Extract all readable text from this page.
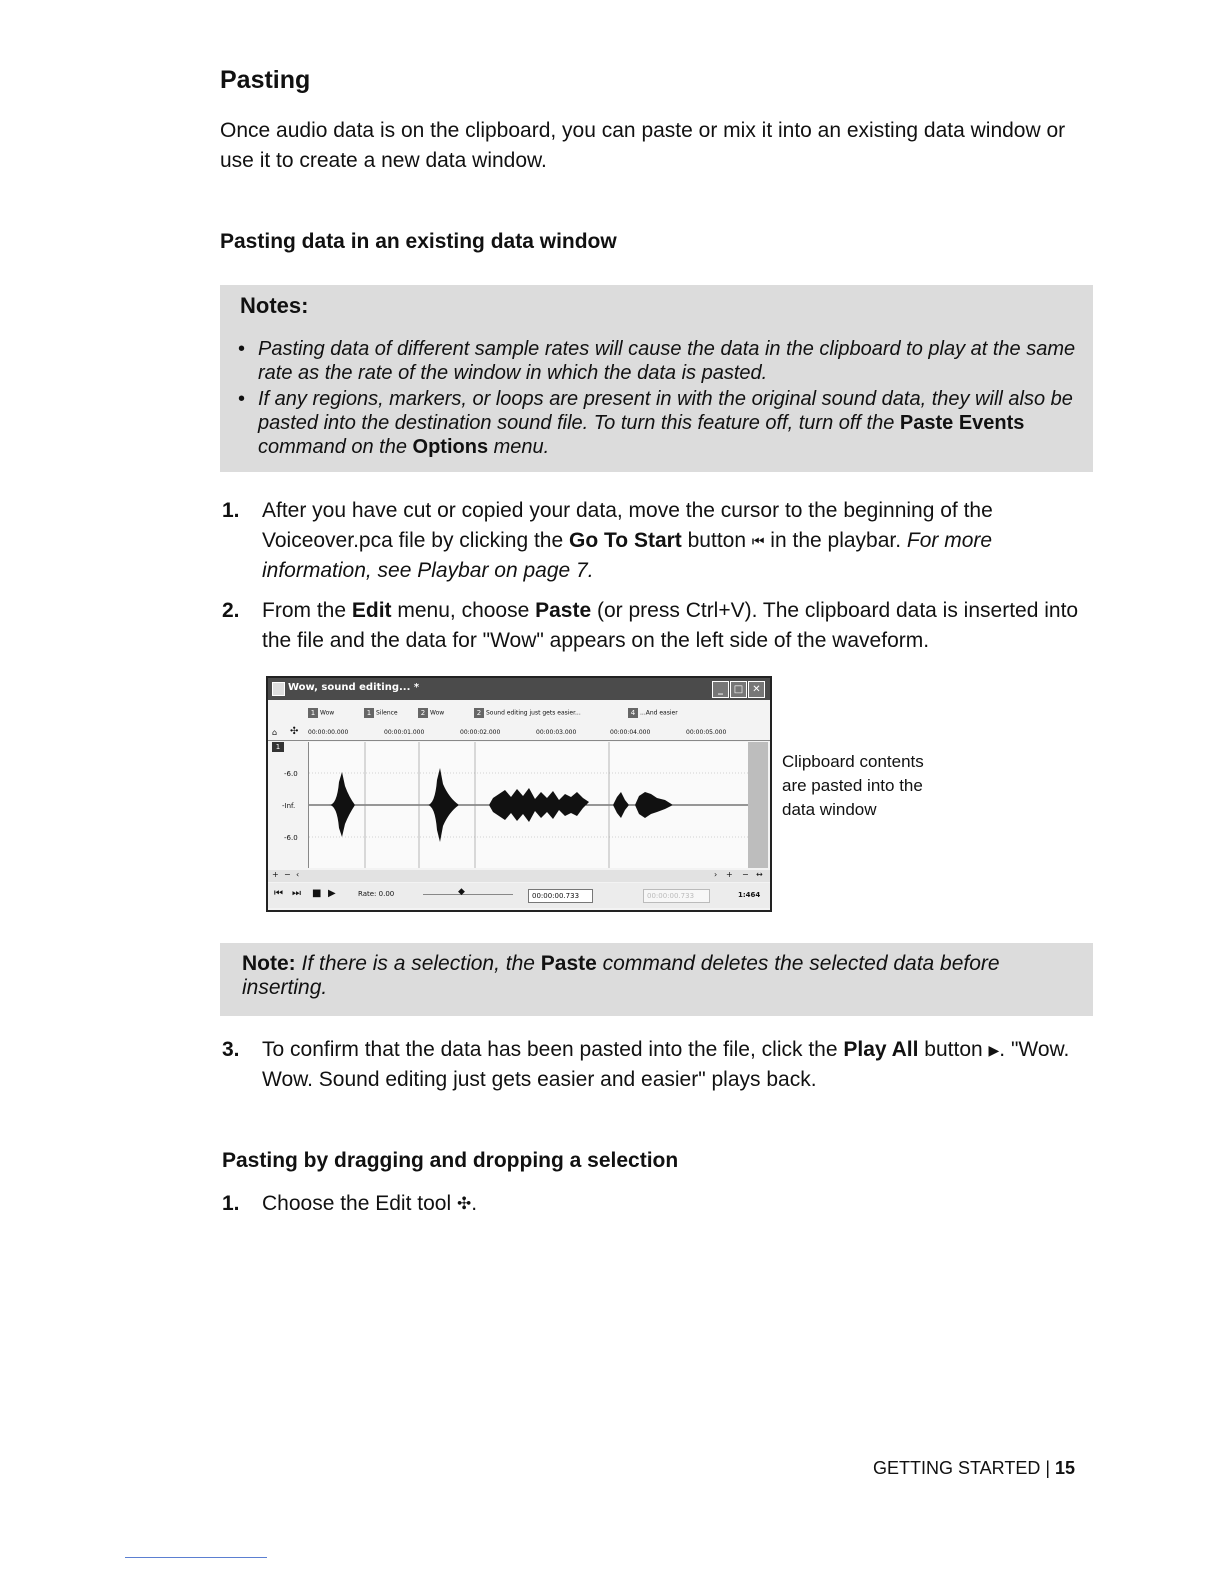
Pasting

Once audio data is on the clipboard, you can paste or mix it into an existing data window or use it to create a new data window.

Pasting data in an existing data window
Notes:
• Pasting data of different sample rates will cause the data in the clipboard to play at the same rate as the rate of the window in which the data is pasted.
• If any regions, markers, or loops are present in with the original sound data, they will also be pasted into the destination sound file. To turn this feature off, turn off the Paste Events command on the Options menu.
1. After you have cut or copied your data, move the cursor to the beginning of the Voiceover.pca file by clicking the Go To Start button ⏮ in the playbar. For more information, see Playbar on page 7.
2. From the Edit menu, choose Paste (or press Ctrl+V). The clipboard data is inserted into the file and the data for "Wow" appears on the left side of the waveform.
Wow, sound editing... *	_	□ ✕
1 Wow	1 Silence	2 Wow	2 Sound editing just gets easier...	4 ...And easier
⌂ ✣ 00:00:00.000	00:00:01.000	00:00:02.000	00:00:03.000	00:00:04.000	00:00:05.000
1
-6.0
-Inf.
-6.0
+ − ‹	› + − ↔
⏮ ⏭ ■ ▶	Rate: 0.00	◆	00:00:00.733	00:00:00.733	1:464

Clipboard contents are pasted into the data window

Note: If there is a selection, the Paste command deletes the selected data before inserting.

3. To confirm that the data has been pasted into the file, click the Play All button ▶. "Wow. Wow. Sound editing just gets easier and easier" plays back.
Pasting by dragging and dropping a selection
1. Choose the Edit tool ✣.
GETTING STARTED | 15
